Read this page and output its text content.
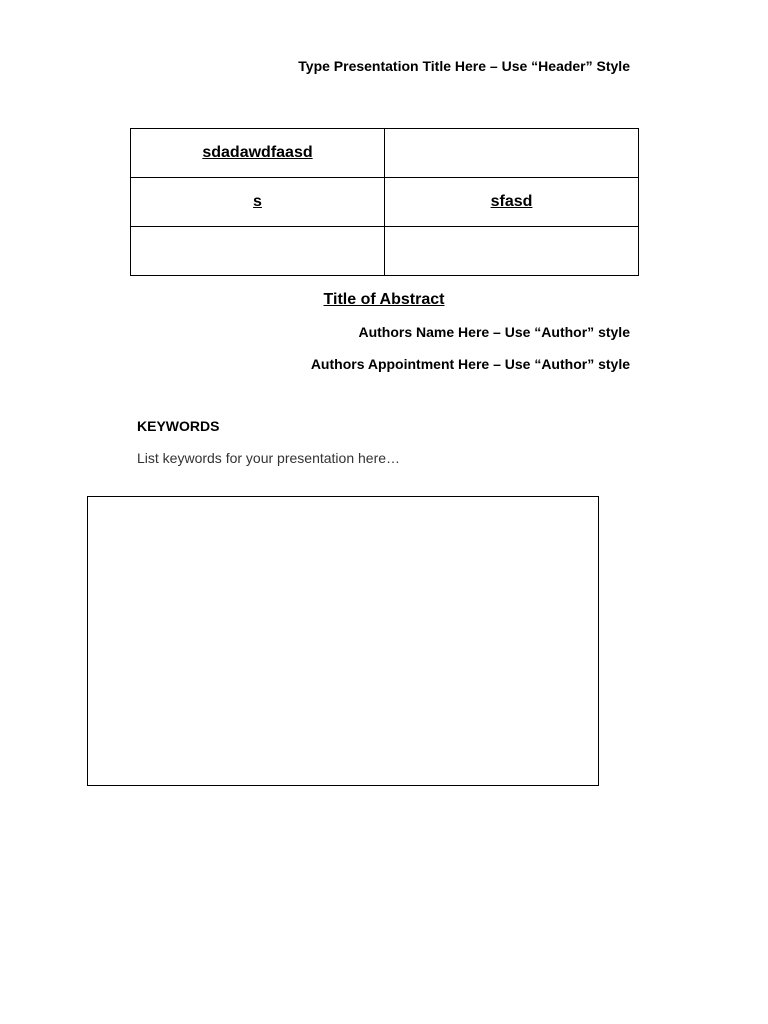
Type Presentation Title Here – Use “Header” Style
sdadawdfaasd	
s	sfasd

Title of Abstract
Authors Name Here – Use “Author” style
Authors Appointment Here – Use “Author” style
KEYWORDS
List keywords for your presentation here…
